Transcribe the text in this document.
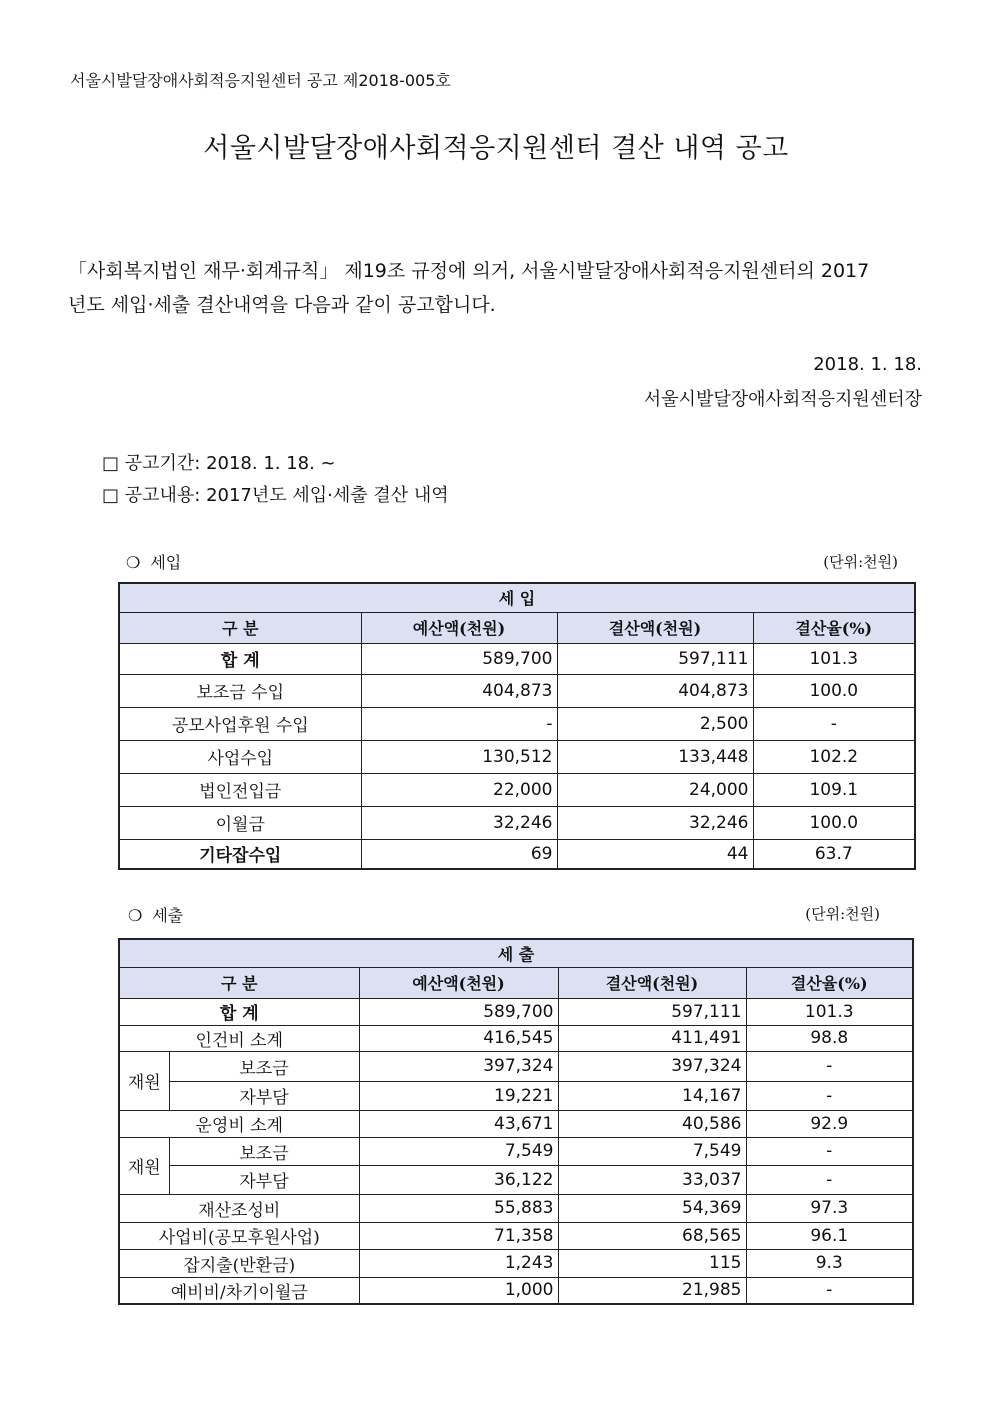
서울시발달장애사회적응지원센터 공고 제2018-005호
서울시발달장애사회적응지원센터 결산 내역 공고
「사회복지법인 재무·회계규칙」 제19조 규정에 의거, 서울시발달장애사회적응지원센터의 2017
년도 세입·세출 결산내역을 다음과 같이 공고합니다.
2018. 1. 18.
서울시발달장애사회적응지원센터장
□ 공고기간: 2018. 1. 18. ~
□ 공고내용: 2017년도 세입·세출 결산 내역
❍ 세입	(단위:천원)
세 입			
구 분	예산액(천원)	결산액(천원)	결산율(%)
합 계	589,700	597,111	101.3
보조금 수입	404,873	404,873	100.0
공모사업후원 수입	-	2,500	-
사업수입	130,512	133,448	102.2
법인전입금	22,000	24,000	109.1
이월금	32,246	32,246	100.0
기타잡수입	69	44	63.7
❍ 세출	(단위:천원)
세 출				
구 분		예산액(천원)	결산액(천원)	결산율(%)
합 계		589,700	597,111	101.3
인건비 소계		416,545	411,491	98.8
재원	보조금	397,324	397,324	-
	자부담	19,221	14,167	-
운영비 소계		43,671	40,586	92.9
재원	보조금	7,549	7,549	-
	자부담	36,122	33,037	-
재산조성비		55,883	54,369	97.3
사업비(공모후원사업)		71,358	68,565	96.1
잡지출(반환금)		1,243	115	9.3
예비비/차기이월금		1,000	21,985	-
